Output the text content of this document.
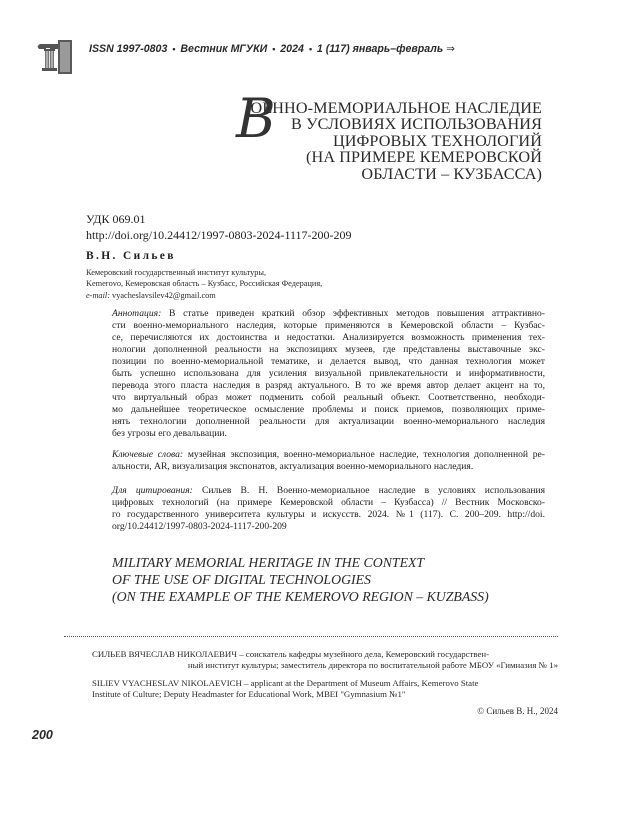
ISSN 1997-0803 • Вестник МГУКИ • 2024 • 1 (117) январь–февраль ⇒
В
ОЕННО-МЕМОРИАЛЬНОЕ НАСЛЕДИЕ
В УСЛОВИЯХ ИСПОЛЬЗОВАНИЯ
ЦИФРОВЫХ ТЕХНОЛОГИЙ
(НА ПРИМЕРЕ КЕМЕРОВСКОЙ
ОБЛАСТИ – КУЗБАССА)
УДК 069.01
http://doi.org/10.24412/1997-0803-2024-1117-200-209
В.Н. Сильев
Кемеровский государственный институт культуры,
Kemerovo, Кемеровская область – Кузбасс, Российская Федерация,
e-mail: vyacheslavsilev42@gmail.com
Аннотация: В статье приведен краткий обзор эффективных методов повышения аттрактивно-
сти военно-мемориального наследия, которые применяются в Кемеровской области – Кузбас-
се, перечисляются их достоинства и недостатки. Анализируется возможность применения тех-
нологии дополненной реальности на экспозициях музеев, где представлены выставочные экс-
позиции по военно-мемориальной тематике, и делается вывод, что данная технология может
быть успешно использована для усиления визуальной привлекательности и информативности,
перевода этого пласта наследия в разряд актуального. В то же время автор делает акцент на то,
что виртуальный образ может подменить собой реальный объект. Соответственно, необходи-
мо дальнейшее теоретическое осмысление проблемы и поиск приемов, позволяющих приме-
нять технологии дополненной реальности для актуализации военно-мемориального наследия
без угрозы его девальвации.
Ключевые слова: музейная экспозиция, военно-мемориальное наследие, технология дополненной ре-
альности, AR, визуализация экспонатов, актуализация военно-мемориального наследия.
Для цитирования: Сильев В. Н. Военно-мемориальное наследие в условиях использования
цифровых технологий (на примере Кемеровской области – Кузбасса) // Вестник Московско-
го государственного университета культуры и искусств. 2024. №1 (117). С. 200–209. http://doi.
org/10.24412/1997-0803-2024-1117-200-209
MILITARY MEMORIAL HERITAGE IN THE CONTEXT
OF THE USE OF DIGITAL TECHNOLOGIES
(ON THE EXAMPLE OF THE KEMEROVO REGION – KUZBASS)
СИЛЬЕВ ВЯЧЕСЛАВ НИКОЛАЕВИЧ – соискатель кафедры музейного дела, Кемеровский государствен-
ный институт культуры; заместитель директора по воспитательной работе МБОУ «Гимназия № 1»
SILIEV VYACHESLAV NIKOLAEVICH – applicant at the Department of Museum Affairs, Kemerovo State
Institute of Culture; Deputy Headmaster for Educational Work, MBEI "Gymnasium №1"
© Сильев В. Н., 2024
200
